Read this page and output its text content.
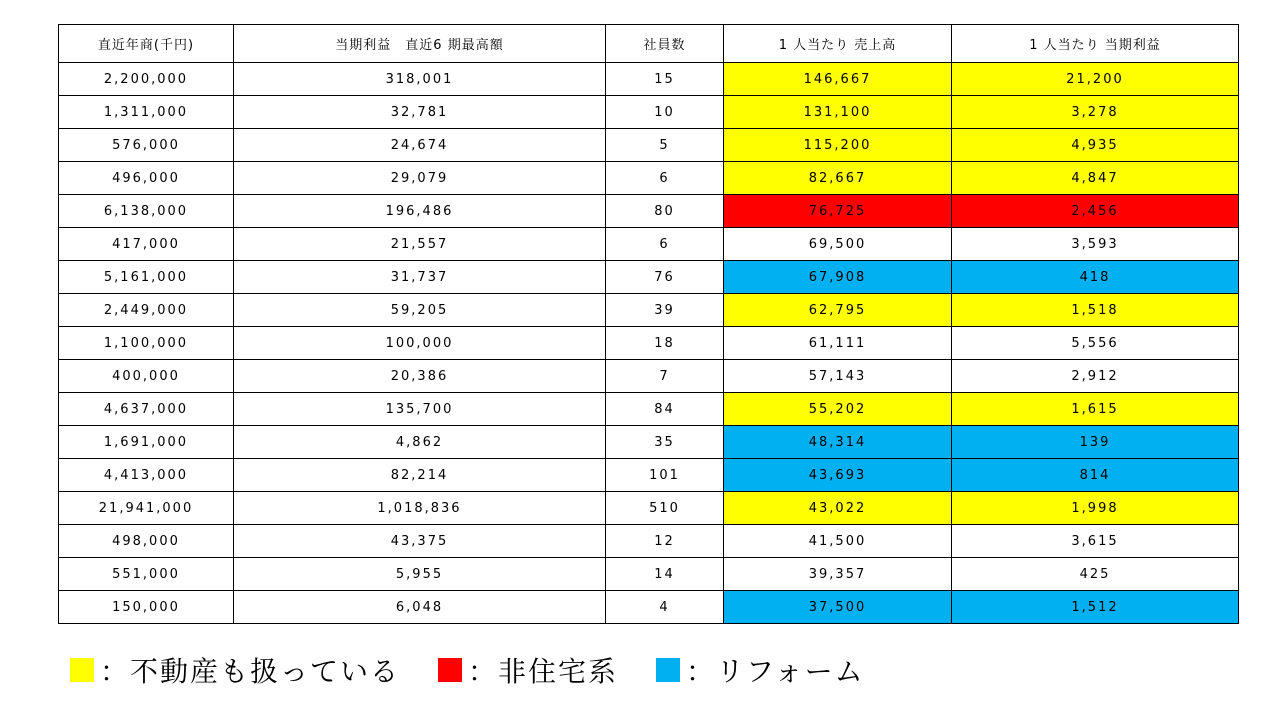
直近年商(千円)	当期利益　直近6 期最高額	社員数	1 人当たり 売上高	1 人当たり 当期利益
2,200,000	318,001	15	146,667	21,200
1,311,000	32,781	10	131,100	3,278
576,000	24,674	5	115,200	4,935
496,000	29,079	6	82,667	4,847
6,138,000	196,486	80	76,725	2,456
417,000	21,557	6	69,500	3,593
5,161,000	31,737	76	67,908	418
2,449,000	59,205	39	62,795	1,518
1,100,000	100,000	18	61,111	5,556
400,000	20,386	7	57,143	2,912
4,637,000	135,700	84	55,202	1,615
1,691,000	4,862	35	48,314	139
4,413,000	82,214	101	43,693	814
21,941,000	1,018,836	510	43,022	1,998
498,000	43,375	12	41,500	3,615
551,000	5,955	14	39,357	425
150,000	6,048	4	37,500	1,512
：不動産も扱っている ：非住宅系 ：リフォーム
